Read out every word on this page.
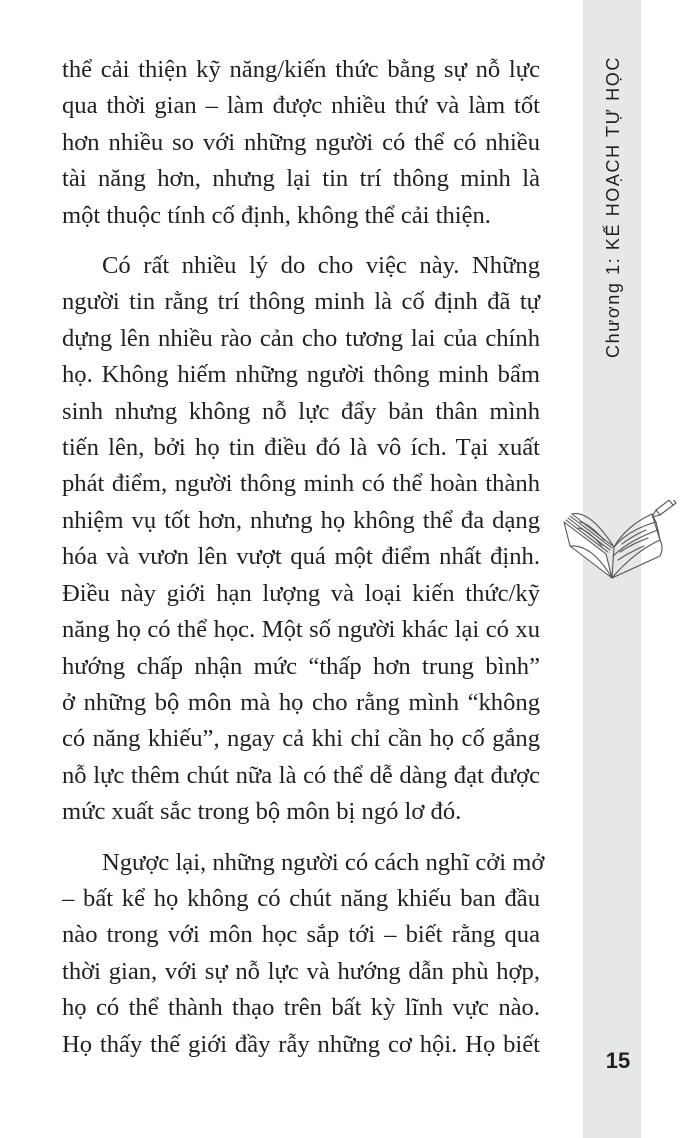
thể cải thiện kỹ năng/kiến thức bằng sự nỗ lực
qua thời gian – làm được nhiều thứ và làm tốt
hơn nhiều so với những người có thể có nhiều
tài năng hơn, nhưng lại tin trí thông minh là
một thuộc tính cố định, không thể cải thiện.

Có rất nhiều lý do cho việc này. Những
người tin rằng trí thông minh là cố định đã tự
dựng lên nhiều rào cản cho tương lai của chính
họ. Không hiếm những người thông minh bẩm
sinh nhưng không nỗ lực đẩy bản thân mình
tiến lên, bởi họ tin điều đó là vô ích. Tại xuất
phát điểm, người thông minh có thể hoàn thành
nhiệm vụ tốt hơn, nhưng họ không thể đa dạng
hóa và vươn lên vượt quá một điểm nhất định.
Điều này giới hạn lượng và loại kiến thức/kỹ
năng họ có thể học. Một số người khác lại có xu
hướng chấp nhận mức “thấp hơn trung bình”
ở những bộ môn mà họ cho rằng mình “không
có năng khiếu”, ngay cả khi chỉ cần họ cố gắng
nỗ lực thêm chút nữa là có thể dễ dàng đạt được
mức xuất sắc trong bộ môn bị ngó lơ đó.

Ngược lại, những người có cách nghĩ cởi mở
– bất kể họ không có chút năng khiếu ban đầu
nào trong với môn học sắp tới – biết rằng qua
thời gian, với sự nỗ lực và hướng dẫn phù hợp,
họ có thể thành thạo trên bất kỳ lĩnh vực nào.
Họ thấy thế giới đầy rẫy những cơ hội. Họ biết

Chương 1: KẾ HOẠCH TỰ HỌC
15
